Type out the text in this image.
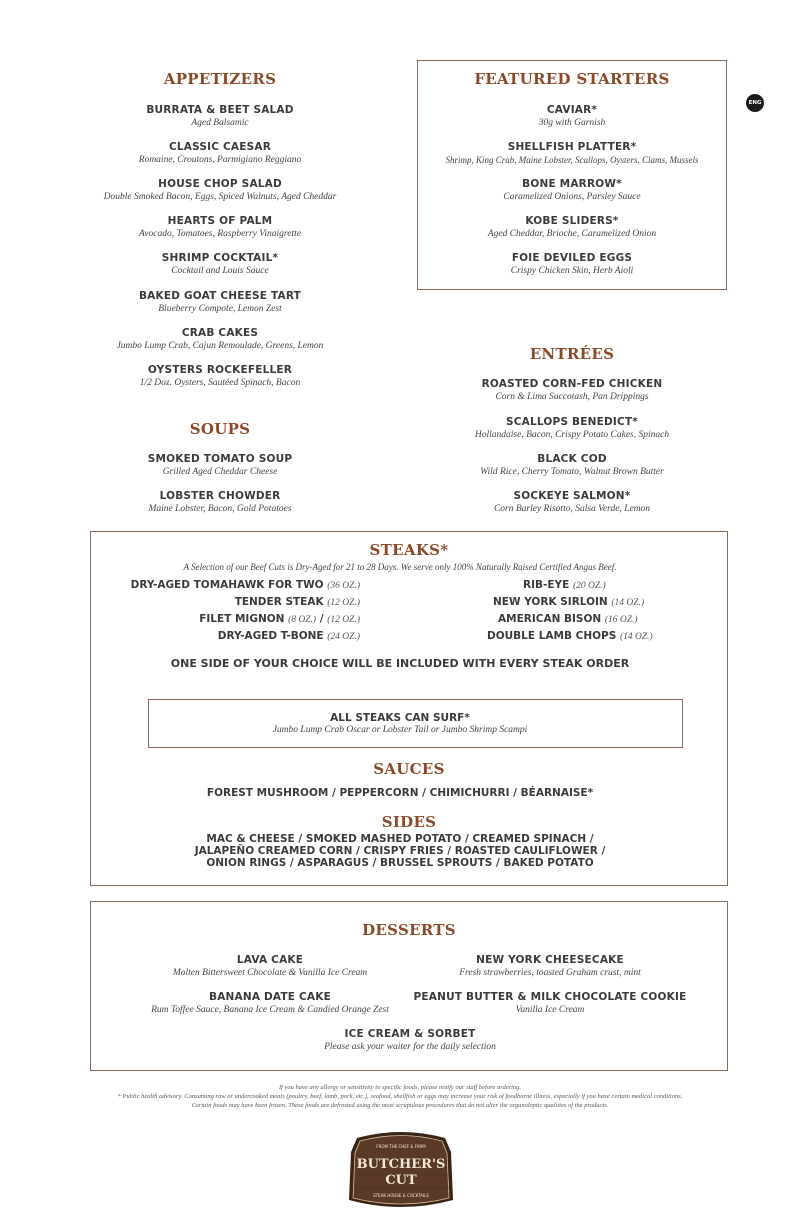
ENG
APPETIZERS
BURRATA & BEET SALAD
Aged Balsamic
CLASSIC CAESAR
Romaine, Croutons, Parmigiano Reggiano
HOUSE CHOP SALAD
Double Smoked Bacon, Eggs, Spiced Walnuts, Aged Cheddar
HEARTS OF PALM
Avocado, Tomatoes, Raspberry Vinaigrette
SHRIMP COCKTAIL*
Cocktail and Louis Sauce
BAKED GOAT CHEESE TART
Blueberry Compote, Lemon Zest
CRAB CAKES
Jumbo Lump Crab, Cajun Remoulade, Greens, Lemon
OYSTERS ROCKEFELLER
1/2 Doz. Oysters, Sautéed Spinach, Bacon
FEATURED STARTERS
CAVIAR*
30g with Garnish
SHELLFISH PLATTER*
Shrimp, King Crab, Maine Lobster, Scallops, Oysters, Clams, Mussels
BONE MARROW*
Caramelized Onions, Parsley Sauce
KOBE SLIDERS*
Aged Cheddar, Brioche, Caramelized Onion
FOIE DEVILED EGGS
Crispy Chicken Skin, Herb Aioli
SOUPS
SMOKED TOMATO SOUP
Grilled Aged Cheddar Cheese
LOBSTER CHOWDER
Maine Lobster, Bacon, Gold Potatoes
ENTRÉES
ROASTED CORN-FED CHICKEN
Corn & Lima Succotash, Pan Drippings
SCALLOPS BENEDICT*
Hollandaise, Bacon, Crispy Potato Cakes, Spinach
BLACK COD
Wild Rice, Cherry Tomato, Walnut Brown Butter
SOCKEYE SALMON*
Corn Barley Risotto, Salsa Verde, Lemon
STEAKS*
A Selection of our Beef Cuts is Dry-Aged for 21 to 28 Days. We serve only 100% Naturally Raised Certified Angus Beef.
DRY-AGED TOMAHAWK FOR TWO (36 OZ.)
TENDER STEAK (12 OZ.)
FILET MIGNON (8 OZ.) / (12 OZ.)
DRY-AGED T-BONE (24 OZ.)
RIB-EYE (20 OZ.)
NEW YORK SIRLOIN (14 OZ.)
AMERICAN BISON (16 OZ.)
DOUBLE LAMB CHOPS (14 OZ.)
ONE SIDE OF YOUR CHOICE WILL BE INCLUDED WITH EVERY STEAK ORDER
ALL STEAKS CAN SURF*
Jumbo Lump Crab Oscar or Lobster Tail or Jumbo Shrimp Scampi
SAUCES
FOREST MUSHROOM / PEPPERCORN / CHIMICHURRI / BÉARNAISE*
SIDES
MAC & CHEESE / SMOKED MASHED POTATO / CREAMED SPINACH /
JALAPEÑO CREAMED CORN / CRISPY FRIES / ROASTED CAULIFLOWER /
ONION RINGS / ASPARAGUS / BRUSSEL SPROUTS / BAKED POTATO
DESSERTS
LAVA CAKE
Molten Bittersweet Chocolate & Vanilla Ice Cream
NEW YORK CHEESECAKE
Fresh strawberries, toasted Graham crust, mint
BANANA DATE CAKE
Rum Toffee Sauce, Banana Ice Cream & Candied Orange Zest
PEANUT BUTTER & MILK CHOCOLATE COOKIE
Vanilla Ice Cream
ICE CREAM & SORBET
Please ask your waiter for the daily selection
If you have any allergy or sensitivity to specific foods, please notify our staff before ordering.
* Public health advisory. Consuming raw or undercooked meats (poultry, beef, lamb, pork, etc.), seafood, shellfish or eggs may increase your risk of foodborne illness, especially if you have certain medical conditions.
Certain foods may have been frozen. These foods are defrosted using the most scrupulous procedures that do not alter the organoleptic qualities of the products.
FROM THE CHEF & FARM
BUTCHER'S
CUT
STEAK HOUSE & COCKTAILS
